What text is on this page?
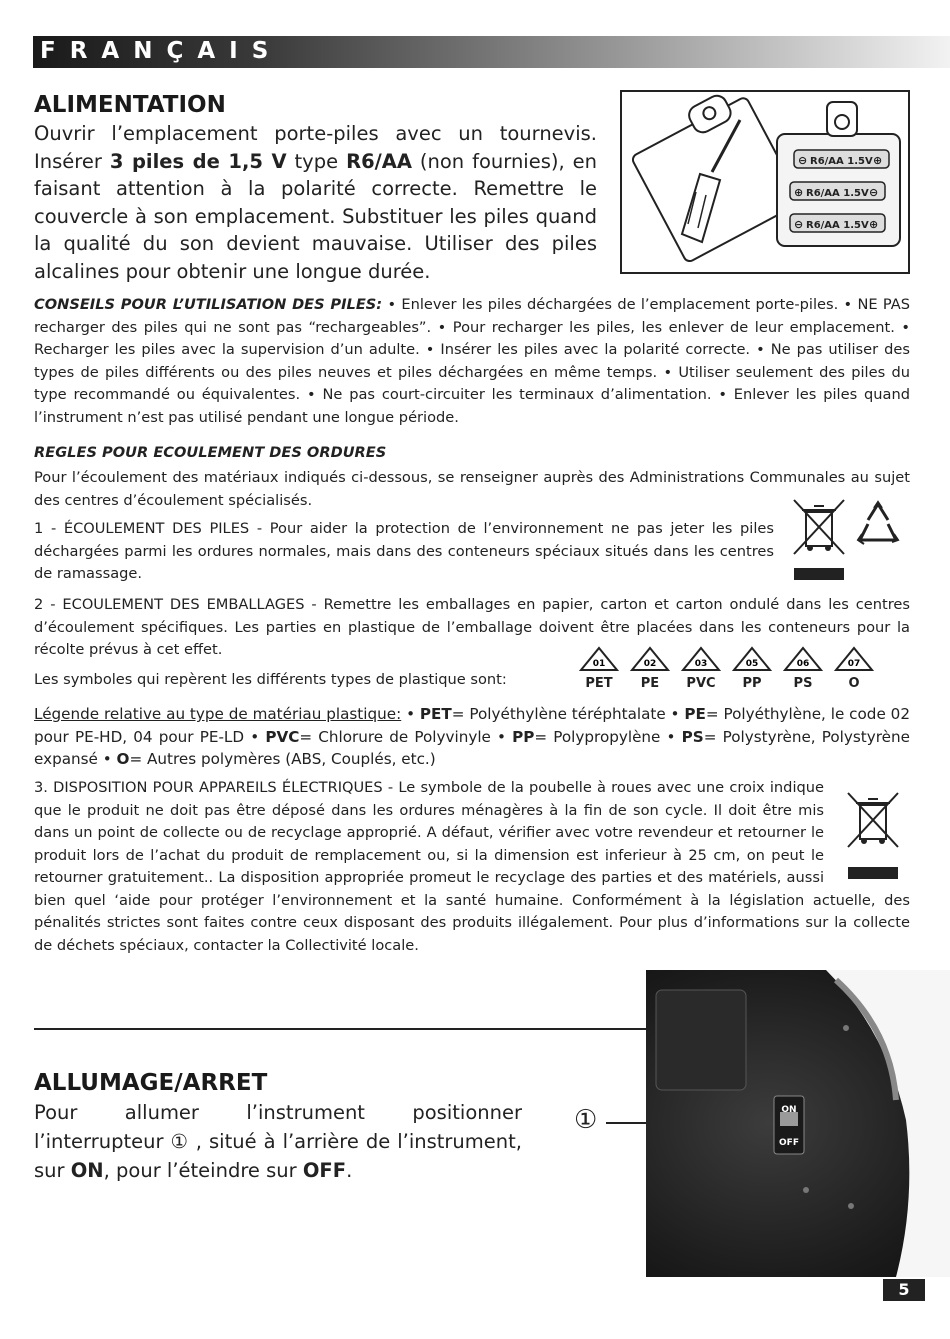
FRANÇAIS
ALIMENTATION
Ouvrir l’emplacement porte-piles avec un tournevis. Insérer 3 piles de 1,5 V type R6/AA (non fournies), en faisant attention à la polarité correcte. Remettre le couvercle à son emplacement. Substituer les piles quand la qualité du son devient mauvaise. Utiliser des piles alcalines pour obtenir une longue durée.
⊖ R6/AA 1.5V ⊕
⊕ R6/AA 1.5V ⊖
⊖ R6/AA 1.5V ⊕

CONSEILS POUR L’UTILISATION DES PILES: • Enlever les piles déchargées de l’emplacement porte-piles. • NE PAS recharger des piles qui ne sont pas “rechargeables”. • Pour recharger les piles, les enlever de leur emplacement. • Recharger les piles avec la supervision d’un adulte. • Insérer les piles avec la polarité correcte. • Ne pas utiliser des types de piles différents ou des piles neuves et piles déchargées en même temps. • Utiliser seulement des piles du type recommandé ou équivalentes. • Ne pas court-circuiter les terminaux d’alimentation. • Enlever les piles quand l’instrument n’est pas utilisé pendant une longue période.

REGLES POUR ECOULEMENT DES ORDURES

Pour l’écoulement des matériaux indiqués ci-dessous, se renseigner auprès des Administrations Communales au sujet des centres d’écoulement spécialisés.

1 - ÉCOULEMENT DES PILES - Pour aider la protection de l’environnement ne pas jeter les piles déchargées parmi les ordures normales, mais dans des conteneurs spéciaux situés dans les centres de ramassage.

2 - ECOULEMENT DES EMBALLAGES - Remettre les emballages en papier, carton et carton ondulé dans les centres d’écoulement spécifiques. Les parties en plastique de l’emballage doivent être placées dans les conteneurs pour la récolte prévus à cet effet.

Les symboles qui repèrent les différents types de plastique sont:
01
PET
02
PE
03
PVC
05
PP
06
PS
07
O

Légende relative au type de matériau plastique: • PET= Polyéthylène téréphtalate • PE= Polyéthylène, le code 02 pour PE-HD, 04 pour PE-LD • PVC= Chlorure de Polyvinyle • PP= Polypropylène • PS= Polystyrène, Polystyrène expansé • O= Autres polymères (ABS, Couplés, etc.)

3. DISPOSITION POUR APPAREILS ÉLECTRIQUES - Le symbole de la poubelle à roues avec une croix indique que le produit ne doit pas être déposé dans les ordures ménagères à la fin de son cycle. Il doit être mis dans un point de collecte ou de recyclage approprié. A défaut, vérifier avec votre revendeur et retourner le produit lors de l’achat du produit de remplacement ou, si la dimension est inferieur à 25 cm, on peut le retourner gratuitement.. La disposition appropriée promeut le recyclage des parties et des matériels, aussi bien quel ‘aide pour protéger l’environnement et la santé humaine. Conformément à la législation actuelle, des pénalités strictes sont faites contre ceux disposant des produits illégalement. Pour plus d’informations sur la collecte de déchets spéciaux, contacter la Collectivité locale.

ALLUMAGE/ARRET
Pour allumer l’instrument positionner l’interrupteur ① , situé à l’arrière de l’instrument, sur ON, pour l’éteindre sur OFF.
①	ON
OFF
5
